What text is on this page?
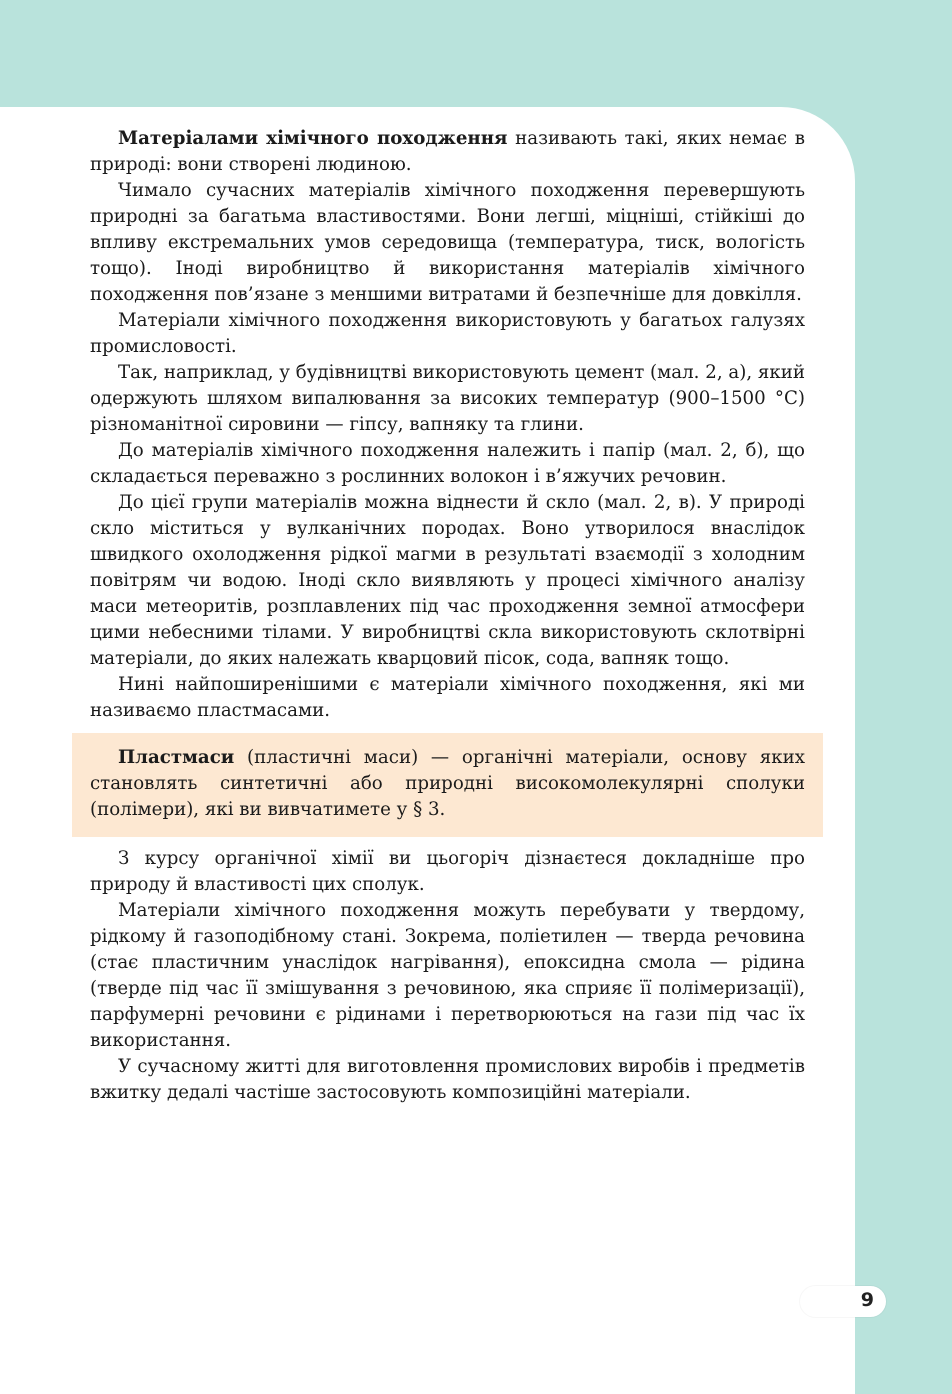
Матеріалами хімічного походження називають такі, яких немає в природі: вони створені людиною.

Чимало сучасних матеріалів хімічного походження перевершують природні за багатьма властивостями. Вони легші, міцніші, стійкіші до впливу екстремальних умов середовища (температура, тиск, вологість тощо). Іноді виробництво й використання матеріалів хімічного походження пов’язане з меншими витратами й безпечніше для довкілля.

Матеріали хімічного походження використовують у багатьох галузях промисловості.

Так, наприклад, у будівництві використовують цемент (мал. 2, а), який одержують шляхом випалювання за високих температур (900–1500 °С) різноманітної сировини — гіпсу, вапняку та глини.

До матеріалів хімічного походження належить і папір (мал. 2, б), що складається переважно з рослинних волокон і в’яжучих речовин.

До цієї групи матеріалів можна віднести й скло (мал. 2, в). У природі скло міститься у вулканічних породах. Воно утворилося внаслідок швидкого охолодження рідкої магми в результаті взаємодії з холодним повітрям чи водою. Іноді скло виявляють у процесі хімічного аналізу маси метеоритів, розплавлених під час проходження земної атмосфери цими небесними тілами. У виробництві скла використовують склотвірні матеріали, до яких належать кварцовий пісок, сода, вапняк тощо.

Нині найпоширенішими є матеріали хімічного походження, які ми називаємо пластмасами.

Пластмаси (пластичні маси) — органічні матеріали, основу яких становлять синтетичні або природні високомолекулярні сполуки (полімери), які ви вивчатимете у § 3.

З курсу органічної хімії ви цьогоріч дізнаєтеся докладніше про природу й властивості цих сполук.

Матеріали хімічного походження можуть перебувати у твердому, рідкому й газоподібному стані. Зокрема, поліетилен — тверда речовина (стає пластичним унаслідок нагрівання), епоксидна смола — рідина (тверде під час її змішування з речовиною, яка сприяє її полімеризації), парфумерні речовини є рідинами і перетворюються на гази під час їх використання.

У сучасному житті для виготовлення промислових виробів і предметів вжитку дедалі частіше застосовують композиційні матеріали.

9
